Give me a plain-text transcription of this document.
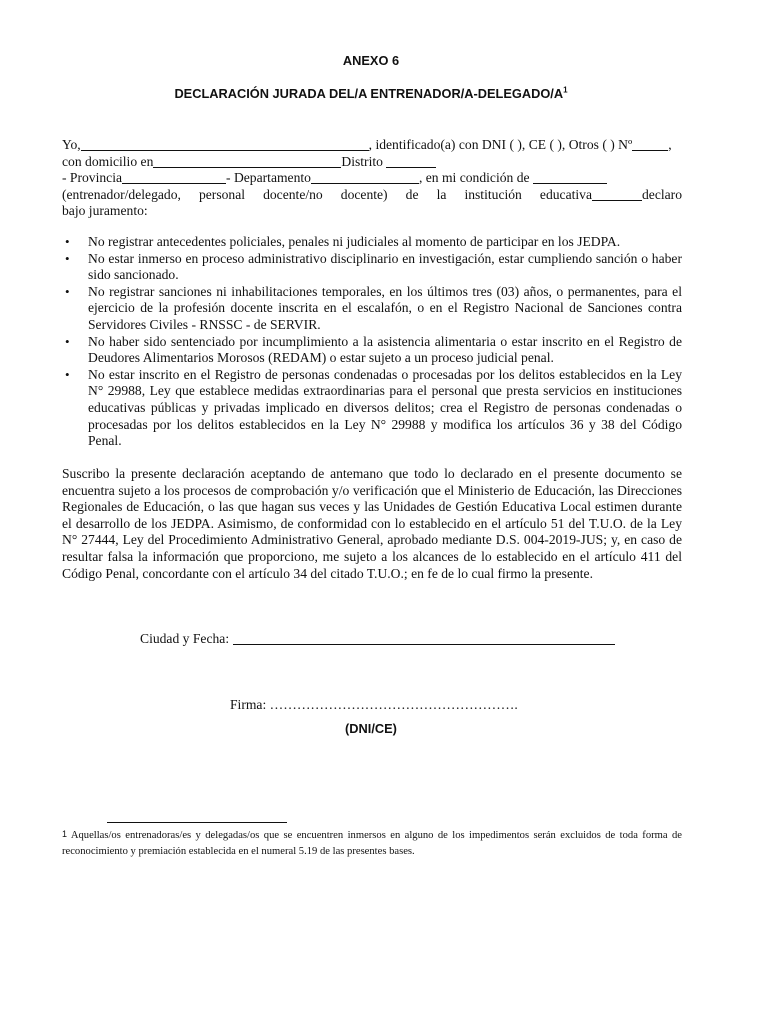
ANEXO 6
DECLARACIÓN JURADA DEL/A ENTRENADOR/$A-DELEGADO/A^1$

Yo,	, identificado(a) con DNI ( ), CE ( ), Otros ( ) Nº	,

con domicilio en	Distrito

- Provincia	- Departamento	, en mi condición de

(entrenador/delegado, personal docente/no docente) de la institución educativa	declaro

bajo juramento:

• No registrar antecedentes policiales, penales ni judiciales al momento de participar en los JEDPA.
• No estar inmerso en proceso administrativo disciplinario en investigación, estar cumpliendo sanción o haber sido sancionado.
• No registrar sanciones ni inhabilitaciones temporales, en los últimos tres (03) años, o permanentes, para el ejercicio de la profesión docente inscrita en el escalafón, o en el Registro Nacional de Sanciones contra Servidores Civiles - RNSSC - de SERVIR.
• No haber sido sentenciado por incumplimiento a la asistencia alimentaria o estar inscrito en el Registro de Deudores Alimentarios Morosos (REDAM) o estar sujeto a un proceso judicial penal.
• No estar inscrito en el Registro de personas condenadas o procesadas por los delitos establecidos en la Ley N° 29988, Ley que establece medidas extraordinarias para el personal que presta servicios en instituciones educativas públicas y privadas implicado en diversos delitos; crea el Registro de personas condenadas o procesadas por los delitos establecidos en la Ley N° 29988 y modifica los artículos 36 y 38 del Código Penal.

Suscribo la presente declaración aceptando de antemano que todo lo declarado en el presente documento se encuentra sujeto a los procesos de comprobación y/o verificación que el Ministerio de Educación, las Direcciones Regionales de Educación, o las que hagan sus veces y las Unidades de Gestión Educativa Local estimen durante el desarrollo de los JEDPA. Asimismo, de conformidad con lo establecido en el artículo 51 del T.U.O. de la Ley N° 27444, Ley del Procedimiento Administrativo General, aprobado mediante D.S. 004-2019-JUS; y, en caso de resultar falsa la información que proporciono, me sujeto a los alcances de lo establecido en el artículo 411 del Código Penal, concordante con el artículo 34 del citado T.U.O.; en fe de lo cual firmo la presente.

Ciudad y Fecha:
Firma: ……………………………………………….
(DNI/CE)

$^1$ Aquellas/os entrenadoras/es y delegadas/os que se encuentren inmersos en alguno de los impedimentos serán excluidos de toda forma de reconocimiento y premiación establecida en el numeral 5.19 de las presentes bases.
